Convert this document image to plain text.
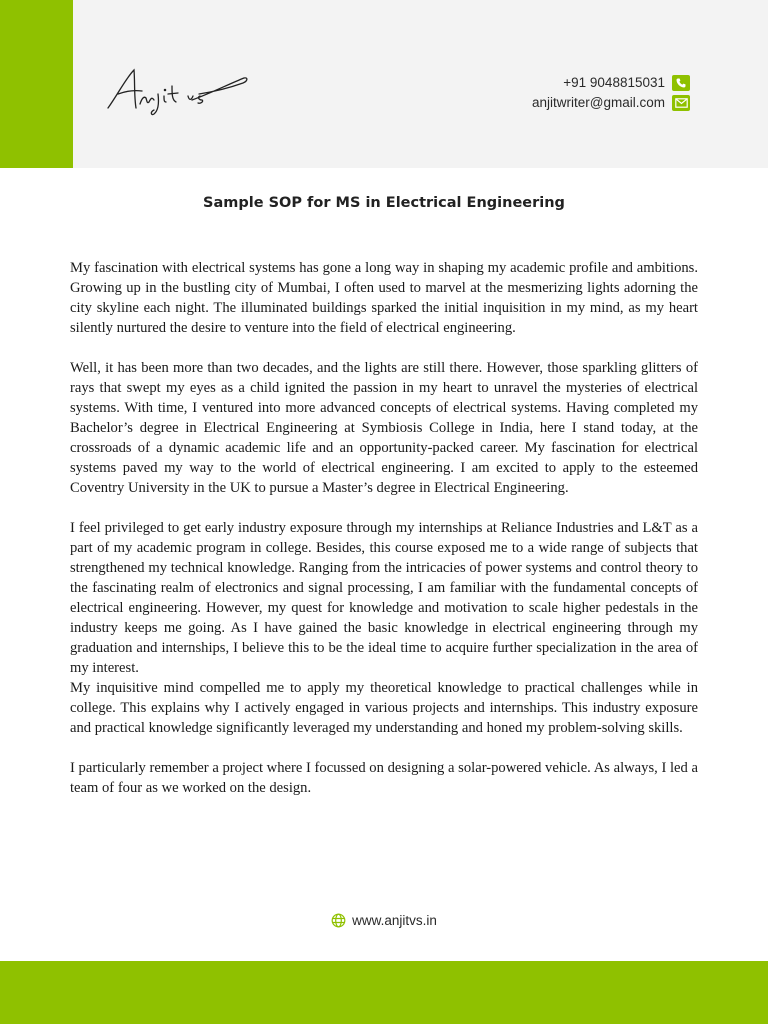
+91 9048815031
anjitwriter@gmail.com
Sample SOP for MS in Electrical Engineering

My fascination with electrical systems has gone a long way in shaping my academic profile and ambitions. Growing up in the bustling city of Mumbai, I often used to marvel at the mesmerizing lights adorning the city skyline each night. The illuminated buildings sparked the initial inquisition in my mind, as my heart silently nurtured the desire to venture into the field of electrical engineering.

Well, it has been more than two decades, and the lights are still there. However, those sparkling glitters of rays that swept my eyes as a child ignited the passion in my heart to unravel the mysteries of electrical systems. With time, I ventured into more advanced concepts of electrical systems. Having completed my Bachelor’s degree in Electrical Engineering at Symbiosis College in India, here I stand today, at the crossroads of a dynamic academic life and an opportunity-packed career. My fascination for electrical systems paved my way to the world of electrical engineering. I am excited to apply to the esteemed Coventry University in the UK to pursue a Master’s degree in Electrical Engineering.

I feel privileged to get early industry exposure through my internships at Reliance Industries and L&T as a part of my academic program in college. Besides, this course exposed me to a wide range of subjects that strengthened my technical knowledge. Ranging from the intricacies of power systems and control theory to the fascinating realm of electronics and signal processing, I am familiar with the fundamental concepts of electrical engineering. However, my quest for knowledge and motivation to scale higher pedestals in the industry keeps me going. As I have gained the basic knowledge in electrical engineering through my graduation and internships, I believe this to be the ideal time to acquire further specialization in the area of my interest.

My inquisitive mind compelled me to apply my theoretical knowledge to practical challenges while in college. This explains why I actively engaged in various projects and internships. This industry exposure and practical knowledge significantly leveraged my understanding and honed my problem-solving skills.

I particularly remember a project where I focussed on designing a solar-powered vehicle. As always, I led a team of four as we worked on the design.

www.anjitvs.in
